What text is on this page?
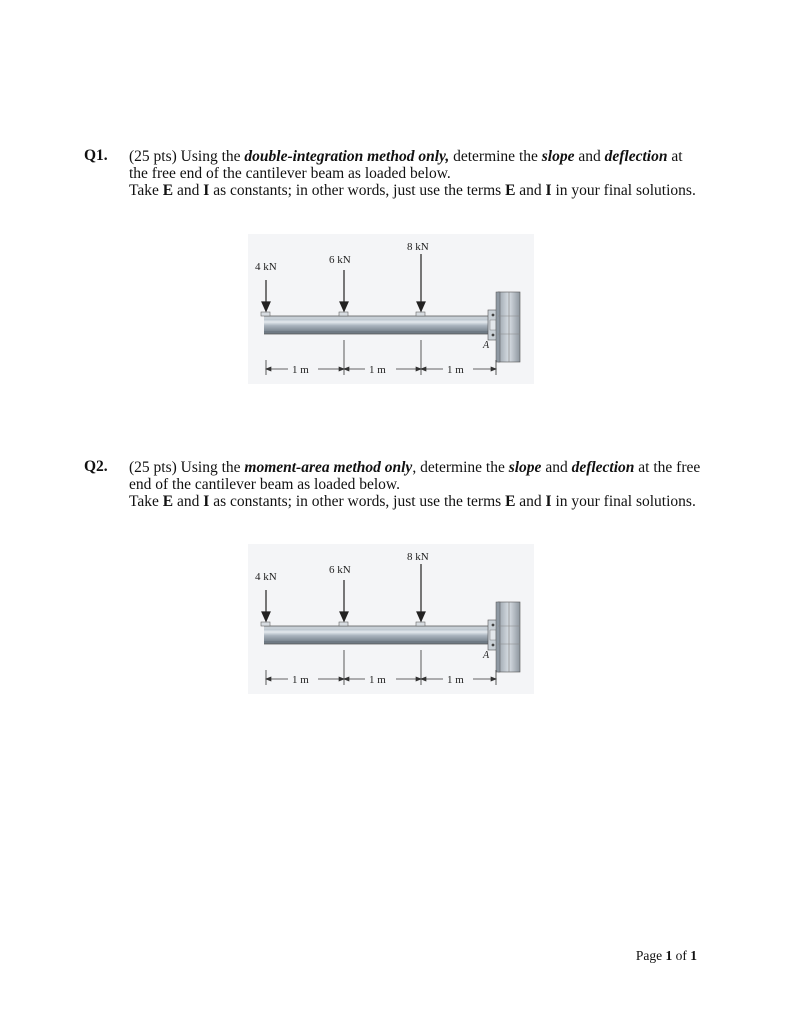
Q1. (25 pts) Using the double-integration method only, determine the slope and deflection at

the free end of the cantilever beam as loaded below.

Take E and I as constants; in other words, just use the terms E and I in your final solutions.

4 kN
6 kN
8 kN
A
1 m	1 m	1 m
Q2. (25 pts) Using the moment-area method only, determine the slope and deflection at the free

end of the cantilever beam as loaded below.

Take E and I as constants; in other words, just use the terms E and I in your final solutions.

4 kN
6 kN
8 kN
A
1 m	1 m	1 m
Page 1 of 1
